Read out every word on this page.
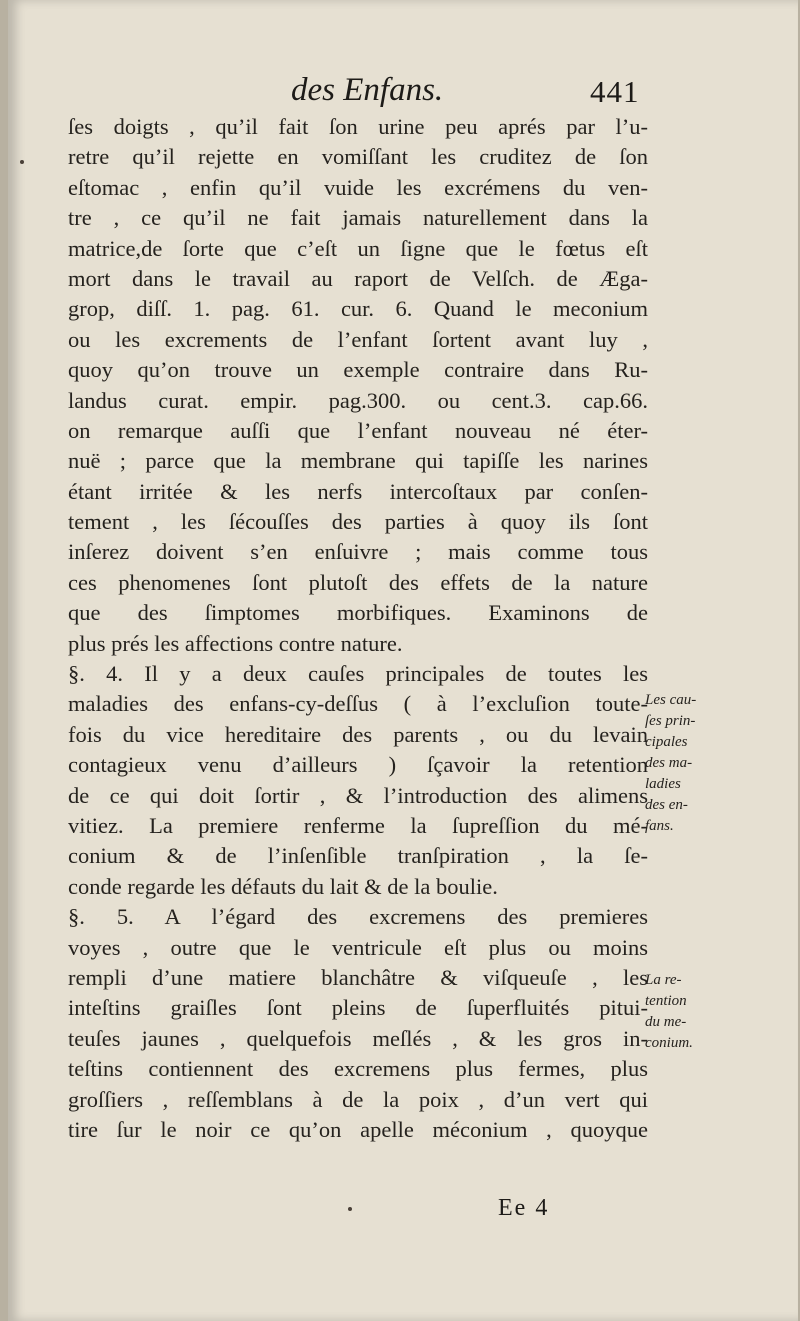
des Enfans.	441
ſes doigts , qu’il fait ſon urine peu aprés par l’u-
retre qu’il rejette en vomiſſant les cruditez de ſon
eſtomac , enfin qu’il vuide les excrémens du ven-
tre , ce qu’il ne fait jamais naturellement dans la
matrice,de ſorte que c’eſt un ſigne que le fœtus eſt
mort dans le travail au raport de Velſch. de Æga-
grop, diſſ. 1. pag. 61. cur. 6. Quand le meconium
ou les excrements de l’enfant ſortent avant luy ,
quoy qu’on trouve un exemple contraire dans Ru-
landus curat. empir. pag.300. ou cent.3. cap.66.
on remarque auſſi que l’enfant nouveau né éter-
nuë ; parce que la membrane qui tapiſſe les narines
étant irritée & les nerfs intercoſtaux par conſen-
tement , les ſécouſſes des parties à quoy ils ſont
inſerez doivent s’en enſuivre ; mais comme tous
ces phenomenes ſont plutoſt des effets de la nature
que des ſimptomes morbifiques. Examinons de
plus prés les affections contre nature.
§. 4. Il y a deux cauſes principales de toutes les
maladies des enfans-cy-deſſus ( à l’excluſion toute-
fois du vice hereditaire des parents , ou du levain
contagieux venu d’ailleurs ) ſçavoir la retention
de ce qui doit ſortir , & l’introduction des alimens
vitiez. La premiere renferme la ſupreſſion du mé-
conium & de l’inſenſible tranſpiration , la ſe-
conde regarde les défauts du lait & de la boulie.
§. 5. A l’égard des excremens des premieres
voyes , outre que le ventricule eſt plus ou moins
rempli d’une matiere blanchâtre & viſqueuſe , les
inteſtins graiſles ſont pleins de ſuperfluités pitui-
teuſes jaunes , quelquefois meſlés , & les gros in-
teſtins contiennent des excremens plus fermes, plus
groſſiers , reſſemblans à de la poix , d’un vert qui
tire ſur le noir ce qu’on apelle méconium , quoyque
Les cau-
ſes prin-
cipales
des ma-
ladies
des en-
fans.
La re-
tention
du me-
conium.
Ee 4
